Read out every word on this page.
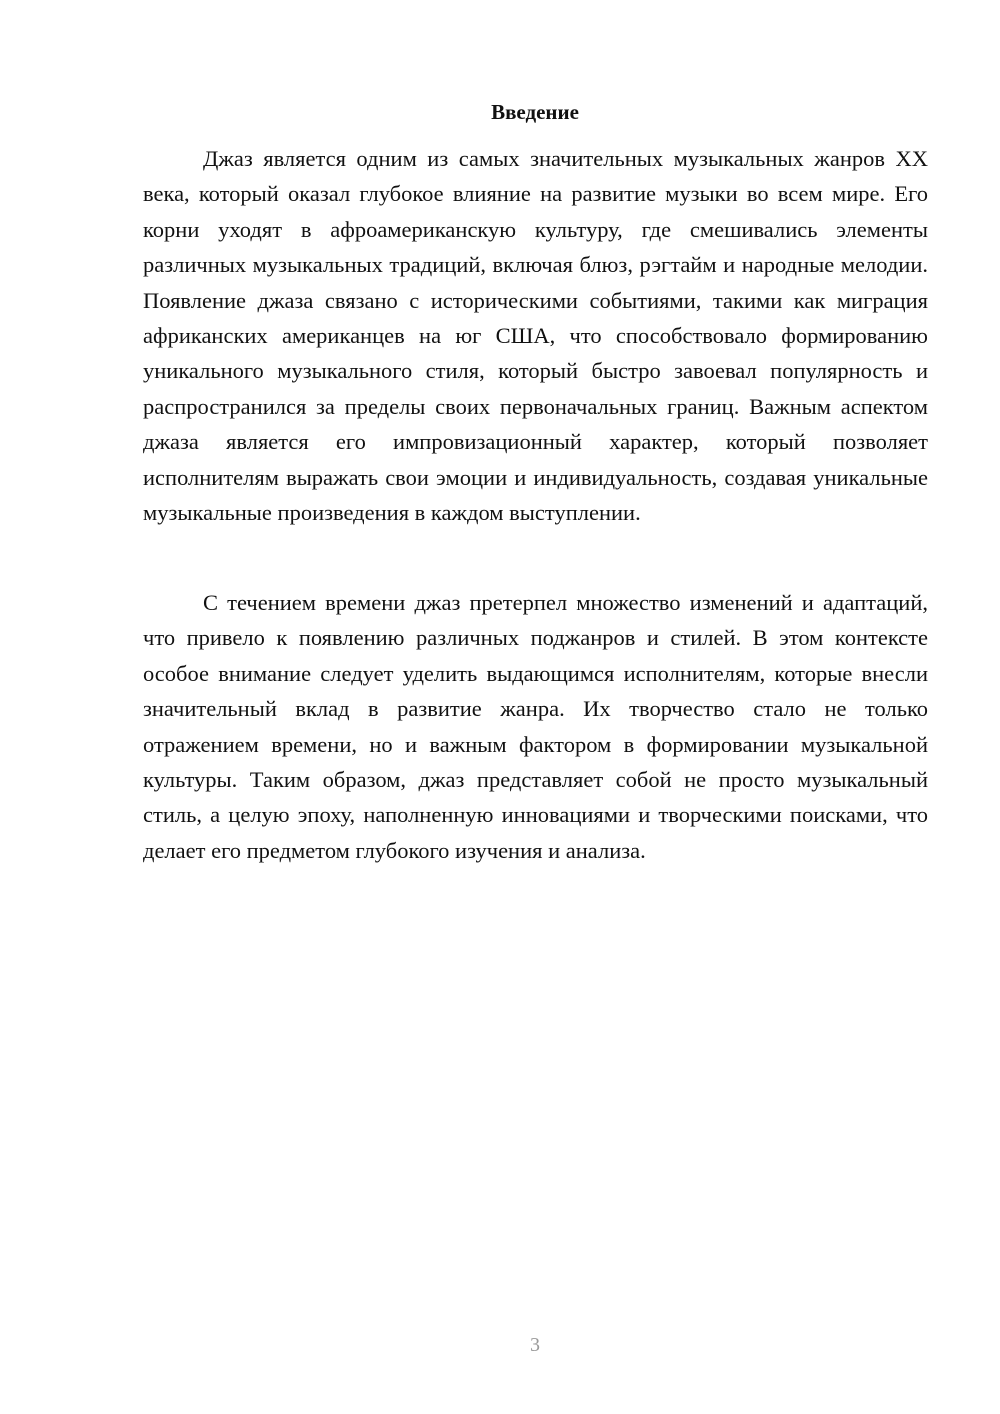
Введение

Джаз является одним из самых значительных музыкальных жанров XX века, который оказал глубокое влияние на развитие музыки во всем мире. Его корни уходят в афроамериканскую культуру, где смешивались элементы различных музыкальных традиций, включая блюз, рэгтайм и народные мелодии. Появление джаза связано с историческими событиями, такими как миграция африканских американцев на юг США, что способствовало формированию уникального музыкального стиля, который быстро завоевал популярность и распространился за пределы своих первоначальных границ. Важным аспектом джаза является его импровизационный характер, который позволяет исполнителям выражать свои эмоции и индивидуальность, создавая уникальные музыкальные произведения в каждом выступлении.

С течением времени джаз претерпел множество изменений и адаптаций, что привело к появлению различных поджанров и стилей. В этом контексте особое внимание следует уделить выдающимся исполнителям, которые внесли значительный вклад в развитие жанра. Их творчество стало не только отражением времени, но и важным фактором в формировании музыкальной культуры. Таким образом, джаз представляет собой не просто музыкальный стиль, а целую эпоху, наполненную инновациями и творческими поисками, что делает его предметом глубокого изучения и анализа.

3
